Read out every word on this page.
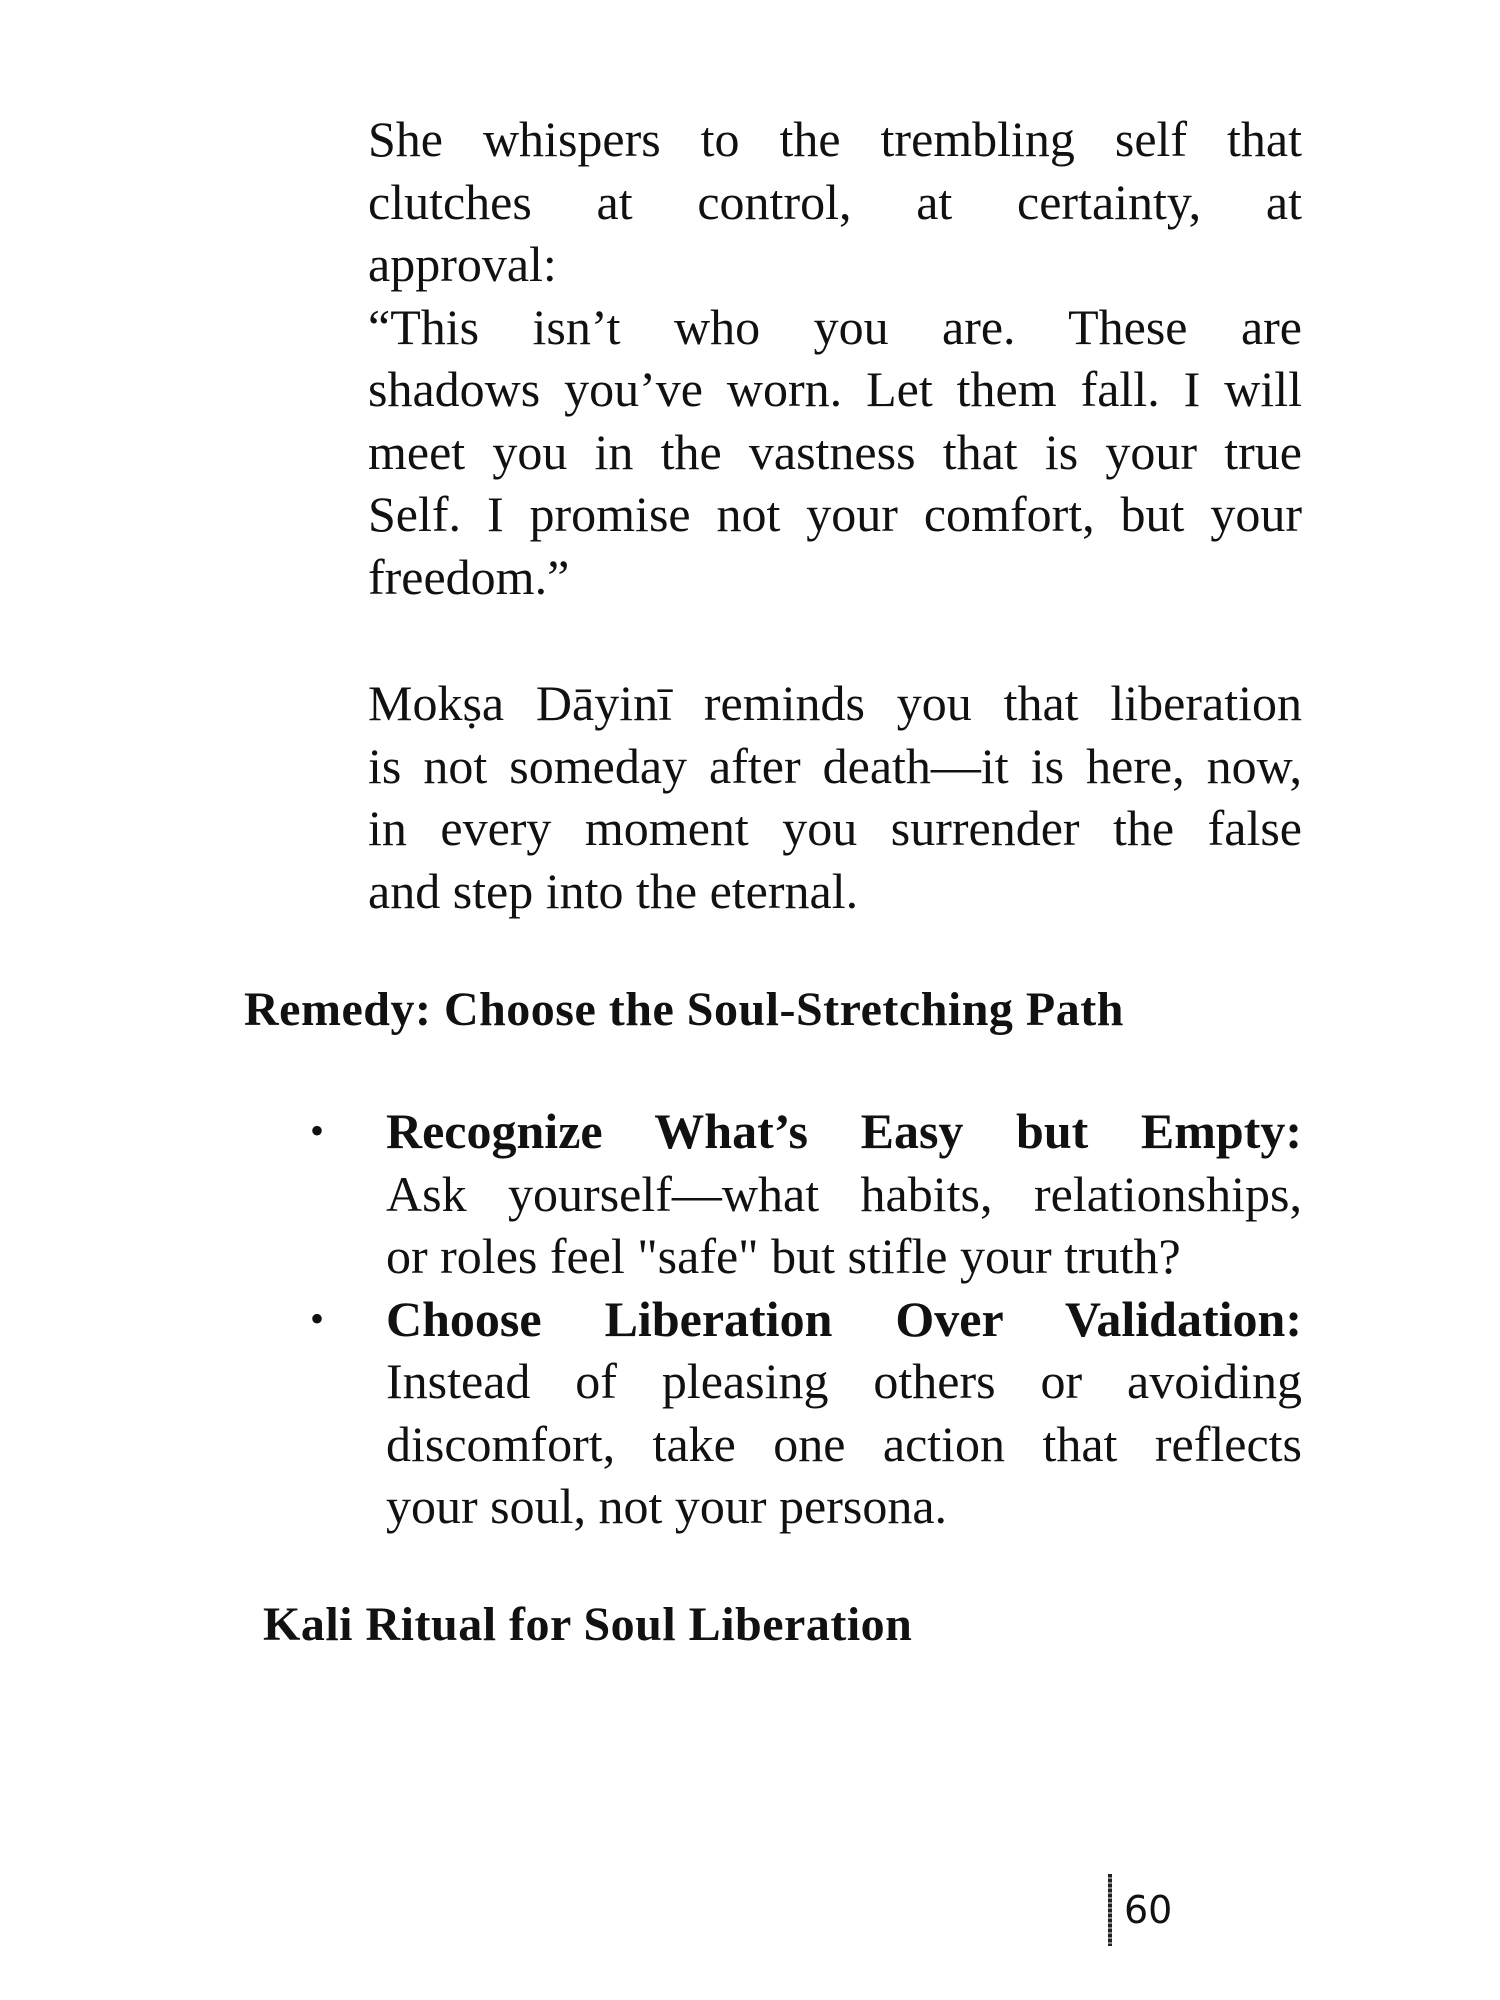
She whispers to the trembling self that
clutches at control, at certainty, at
approval:
“This isn’t who you are. These are
shadows you’ve worn. Let them fall. I will
meet you in the vastness that is your true
Self. I promise not your comfort, but your
freedom.”
Mokṣa Dāyinī reminds you that liberation
is not someday after death—it is here, now,
in every moment you surrender the false
and step into the eternal.
Remedy: Choose the Soul-Stretching Path
•	Recognize What’s Easy but Empty:
Ask yourself—what habits, relationships,
or roles feel "safe" but stifle your truth?
•	Choose Liberation Over Validation:
Instead of pleasing others or avoiding
discomfort, take one action that reflects
your soul, not your persona.
Kali Ritual for Soul Liberation
60
